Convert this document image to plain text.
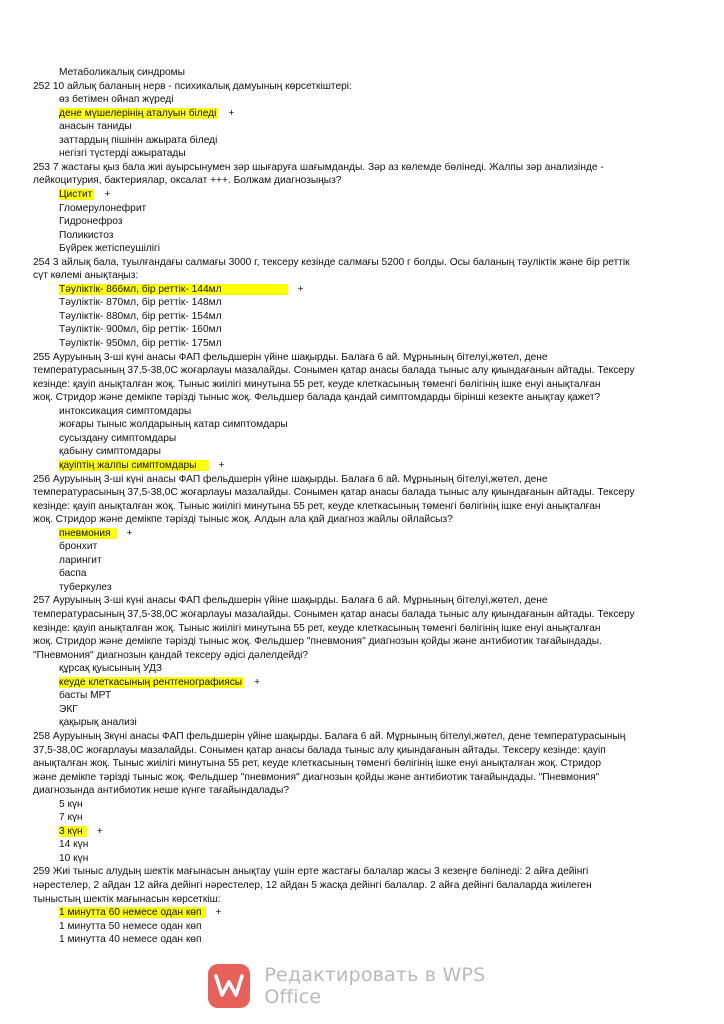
Метаболикалық синдромы
252 10 айлық баланың нерв - психикалық дамуының көрсеткіштері:
өз бетімен ойнап жүреді
дене мүшелерінің аталуын біледі +
анасын таниды
заттардың пішінін ажырата біледі
негізгі түстерді ажыратады
253 7 жастағы қыз бала жиі ауырсынумен зәр шығаруға шағымданды. Зәр аз көлемде бөлінеді. Жалпы зәр анализінде -
лейкоцитурия, бактериялар, оксалат +++. Болжам диагнозыңыз?
Цистит +
Гломерулонефрит
Гидронефроз
Поликистоз
Бүйрек жетіспеушілігі
254 3 айлық бала, туылғандағы салмағы 3000 г, тексеру кезінде салмағы 5200 г болды. Осы баланың тәуліктік және бір реттік
сүт көлемі анықтаңыз:
Тәуліктік- 866мл, бір реттік- 144мл	+
Тәуліктік- 870мл, бір реттік- 148мл
Тәуліктік- 880мл, бір реттік- 154мл
Тәуліктік- 900мл, бір реттік- 160мл
Тәуліктік- 950мл, бір реттік- 175мл
255 Ауруының 3-ші күні анасы ФАП фельдшерін үйіне шақырды. Балаға 6 ай. Мұрнының бітелуі,жөтел, дене
температурасының 37,5-38,0С жоғарлауы мазалайды. Сонымен қатар анасы балада тыныс алу қиындағанын айтады. Тексеру
кезінде: қауіп анықталған жоқ. Тыныс жиілігі минутына 55 рет, кеуде клеткасының төменгі бөлігінің ішке енуі анықталған
жоқ. Стридор және демікпе тәрізді тыныс жоқ. Фельдшер балада қандай симптомдарды бірінші кезекте анықтау қажет?
интоксикация симптомдары
жоғары тыныс жолдарының катар симптомдары
сусыздану симптомдары
қабыну симптомдары
қауіптің жалпы симптомдары +
256 Ауруының 3-ші күні анасы ФАП фельдшерін үйіне шақырды. Балаға 6 ай. Мұрнының бітелуі,жөтел, дене
температурасының 37,5-38,0С жоғарлауы мазалайды. Сонымен қатар анасы балада тыныс алу қиындағанын айтады. Тексеру
кезінде: қауіп анықталған жоқ. Тыныс жиілігі минутына 55 рет, кеуде клеткасының төменгі бөлігінің ішке енуі анықталған
жоқ. Стридор және демікпе тәрізді тыныс жоқ. Алдын ала қай диагноз жайлы ойлайсыз?
пневмония +
бронхит
ларингит
баспа
туберкулез
257 Ауруының 3-ші күні анасы ФАП фельдшерін үйіне шақырды. Балаға 6 ай. Мұрнының бітелуі,жөтел, дене
температурасының 37,5-38,0С жоғарлауы мазалайды. Сонымен қатар анасы балада тыныс алу қиындағанын айтады. Тексеру
кезінде: қауіп анықталған жоқ. Тыныс жиілігі минутына 55 рет, кеуде клеткасының төменгі бөлігінің ішке енуі анықталған
жоқ. Стридор және демікпе тәрізді тыныс жоқ. Фельдшер "пневмония" диагнозын қойды және антибиотик тағайындады.
"Пневмония" диагнозын қандай тексеру әдісі дәлелдейді?
құрсақ қуысының УДЗ
кеуде клеткасының рентгенографиясы +
басты МРТ
ЭКГ
қақырық анализі
258 Ауруының 3күні анасы ФАП фельдшерін үйіне шақырды. Балаға 6 ай. Мұрнының бітелуі,жөтел, дене температурасының
37,5-38,0С жоғарлауы мазалайды. Сонымен қатар анасы балада тыныс алу қиындағанын айтады. Тексеру кезінде: қауіп
анықталған жоқ. Тыныс жиілігі минутына 55 рет, кеуде клеткасының төменгі бөлігінің ішке енуі анықталған жоқ. Стридор
және демікпе тәрізді тыныс жоқ. Фельдшер "пневмония" диагнозын қойды және антибиотик тағайындады. "Пневмония"
диагнозында антибиотик неше күнге тағайындалады?
5 күн
7 күн
3 күн +
14 күн
10 күн
259 Жиі тыныс алудың шектік мағынасын анықтау үшін ерте жастағы балалар жасы 3 кезеңге бөлінеді: 2 айға дейінгі
нәрестелер, 2 айдан 12 айға дейінгі нәрестелер, 12 айдан 5 жасқа дейінгі балалар. 2 айға дейінгі балаларда жиілеген
тыныстың шектік мағынасын көрсеткіш:
1 минутта 60 немесе одан көп +
1 минутта 50 немесе одан көп
1 минутта 40 немесе одан көп
Редактировать в WPS Office
